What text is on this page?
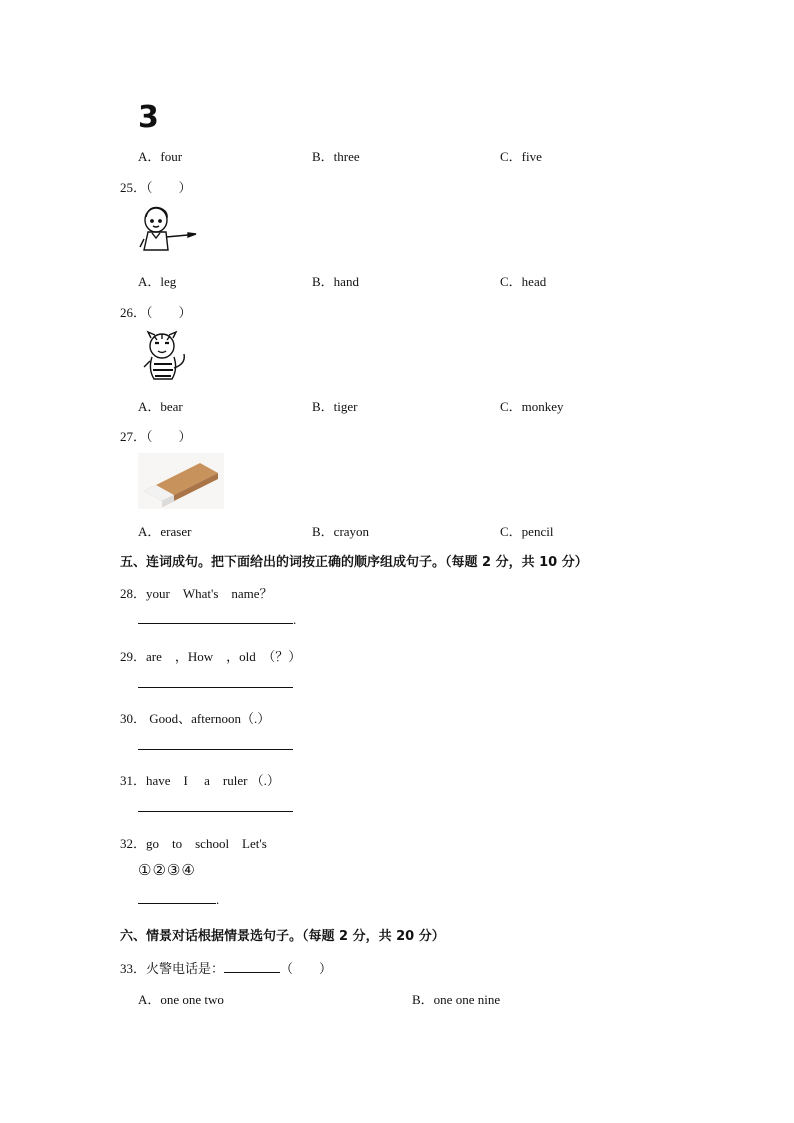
3
A．four	B．three	C．five
25．（　　）
A．leg	B．hand	C．head
26．（　　）
A．bear	B．tiger	C．monkey
27．（　　）
A．eraser	B．crayon	C．pencil
五、连词成句。把下面给出的词按正确的顺序组成句子。（每题 2 分，共 10 分）
28．your　What's　name？
.
29．are　，How　，old　（？）
30． Good、afternoon（.）
31．have　I　 a　ruler （.）
32．go　to　school　Let's
①②③④
.
六、情景对话根据情景选句子。（每题 2 分，共 20 分）
33．火警电话是：	（　　）
A．one one two	B．one one nine
